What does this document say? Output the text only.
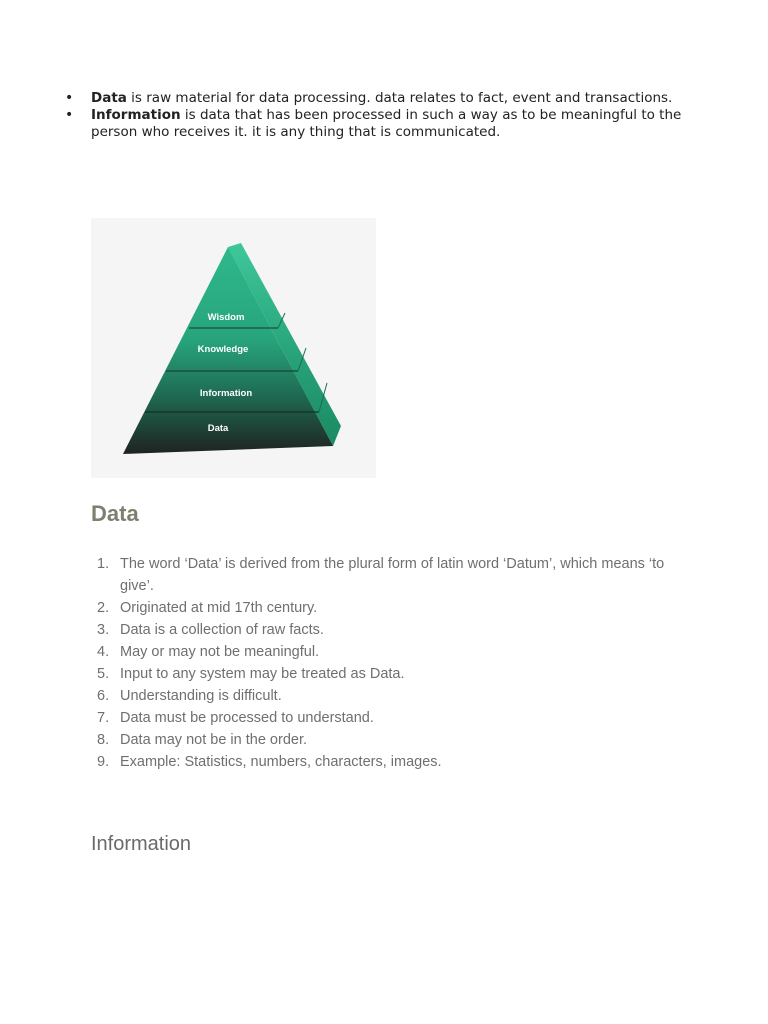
• Data is raw material for data processing. data relates to fact, event and transactions.
• Information is data that has been processed in such a way as to be meaningful to the person who receives it. it is any thing that is communicated.
Wisdom
Knowledge
Information
Data
Data
1. The word ‘Data’ is derived from the plural form of latin word ‘Datum’, which means ‘to give’.
2. Originated at mid 17th century.
3. Data is a collection of raw facts.
4. May or may not be meaningful.
5. Input to any system may be treated as Data.
6. Understanding is difficult.
7. Data must be processed to understand.
8. Data may not be in the order.
9. Example: Statistics, numbers, characters, images.
Information
